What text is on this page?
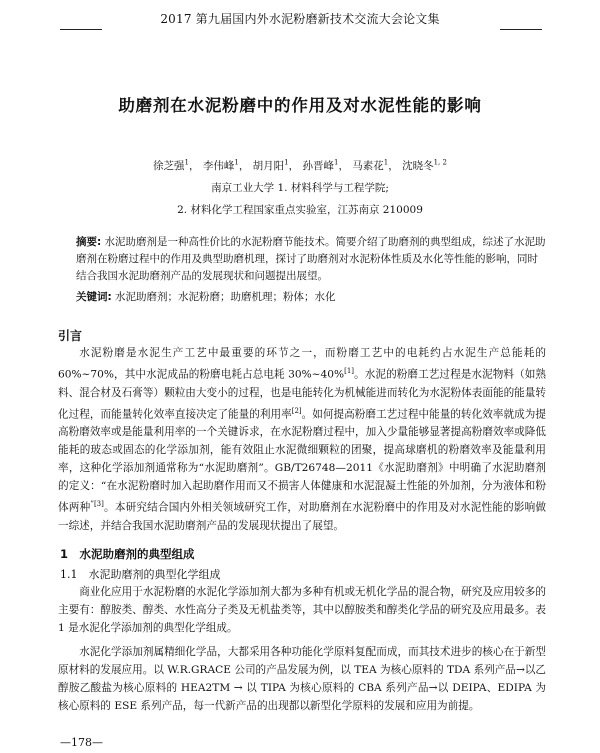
2017 第九届国内外水泥粉磨新技术交流大会论文集
助磨剂在水泥粉磨中的作用及对水泥性能的影响
徐芝强$^1$， 李伟峰$^1$， 胡月阳$^1$， 孙晋峰$^1$， 马素花$^1$， 沈晓冬$^{1, 2}$
南京工业大学 1. 材料科学与工程学院;
2. 材料化学工程国家重点实验室，江苏南京 210009
摘要: 水泥助磨剂是一种高性价比的水泥粉磨节能技术。简要介绍了助磨剂的典型组成，综述了水泥助磨剂在粉磨过程中的作用及典型助磨机理，探讨了助磨剂对水泥粉体性质及水化等性能的影响，同时结合我国水泥助磨剂产品的发展现状和问题提出展望。
关键词: 水泥助磨剂；水泥粉磨；助磨机理；粉体；水化
引言

水泥粉磨是水泥生产工艺中最重要的环节之一，而粉磨工艺中的电耗约占水泥生产总能耗的 60%~70%，其中水泥成品的粉磨电耗占总电耗 30%~40%[1]。水泥的粉磨工艺过程是水泥物料（如熟料、混合材及石膏等）颗粒由大变小的过程，也是电能转化为机械能进而转化为水泥粉体表面能的能量转化过程，而能量转化效率直接决定了能量的利用率[2]。如何提高粉磨工艺过程中能量的转化效率就成为提高粉磨效率或是能量利用率的一个关键诉求，在水泥粉磨过程中，加入少量能够显著提高粉磨效率或降低能耗的玻态或固态的化学添加剂，能有效阻止水泥微细颗粒的团聚，提高球磨机的粉磨效率及能量利用率，这种化学添加剂通常称为“水泥助磨剂”。GB/T26748—2011《水泥助磨剂》中明确了水泥助磨剂的定义：“在水泥粉磨时加入起助磨作用而又不损害人体健康和水泥混凝土性能的外加剂，分为液体和粉体两种$^{”[3]}$。本研究结合国内外相关领域研究工作，对助磨剂在水泥粉磨中的作用及对水泥性能的影响做一综述，并结合我国水泥助磨剂产品的发展现状提出了展望。

1　水泥助磨剂的典型组成
1.1　水泥助磨剂的典型化学组成

商业化应用于水泥粉磨的水泥化学添加剂大都为多种有机或无机化学品的混合物，研究及应用较多的主要有：醇胺类、醇类、水性高分子类及无机盐类等，其中以醇胺类和醇类化学品的研究及应用最多。表 1 是水泥化学添加剂的典型化学组成。

水泥化学添加剂属精细化学品，大都采用各种功能化学原料复配而成，而其技术进步的核心在于新型原材料的发展应用。以 W.R.GRACE 公司的产品发展为例，以 TEA 为核心原料的 TDA 系列产品→以乙醇胺乙酸盐为核心原料的 HEA2TM → 以 TIPA 为核心原料的 CBA 系列产品→以 DEIPA、EDIPA 为核心原料的 ESE 系列产品，每一代新产品的出现都以新型化学原料的发展和应用为前提。

—178—
